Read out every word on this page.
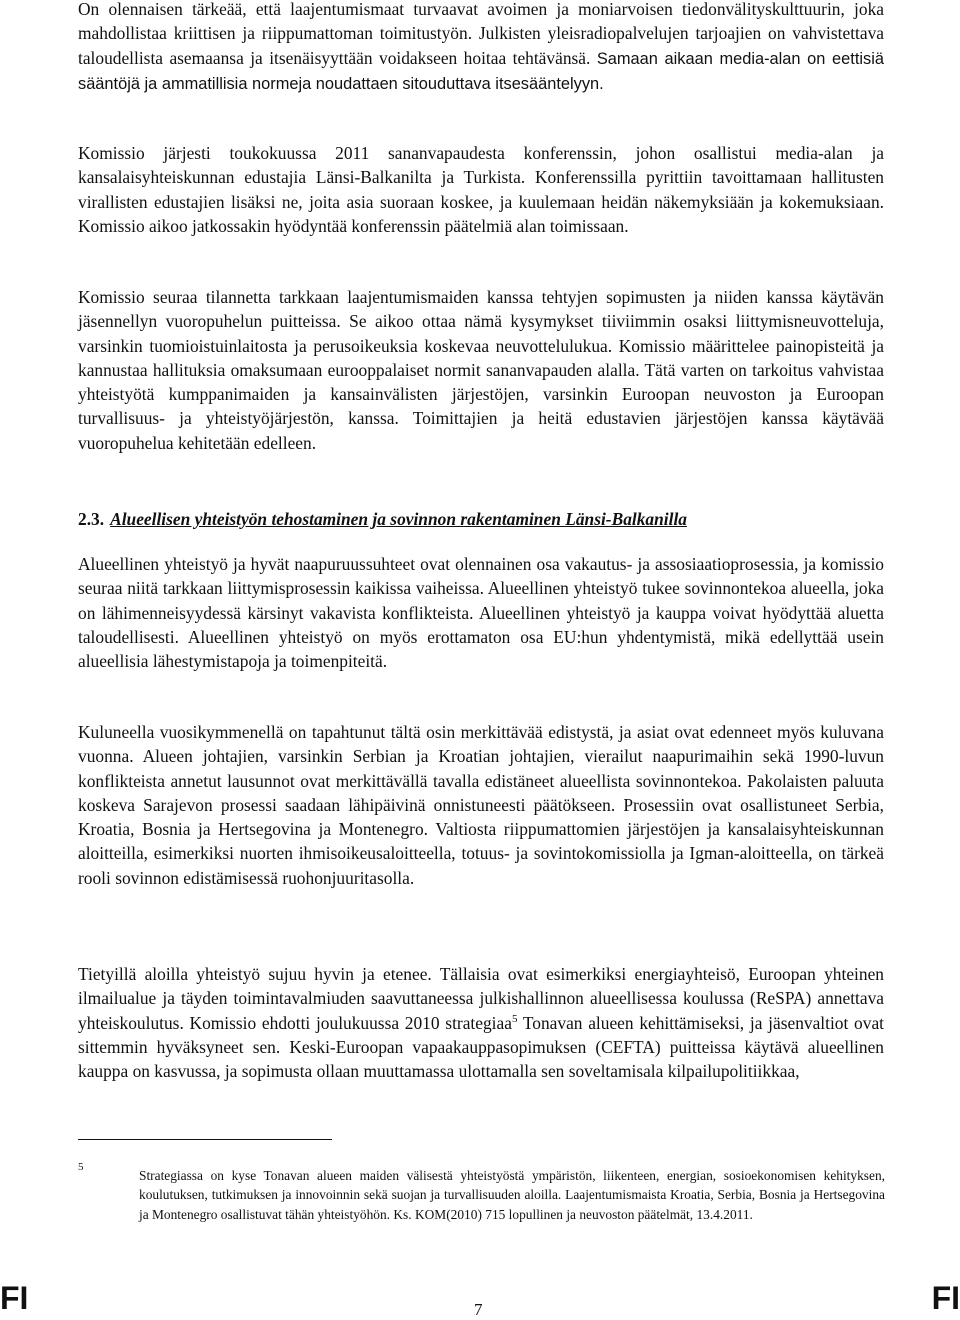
On olennaisen tärkeää, että laajentumismaat turvaavat avoimen ja moniarvoisen tiedonvälityskulttuurin, joka mahdollistaa kriittisen ja riippumattoman toimitustyön. Julkisten yleisradiopalvelujen tarjoajien on vahvistettava taloudellista asemaansa ja itsenäisyyttään voidakseen hoitaa tehtävänsä. Samaan aikaan media-alan on eettisiä sääntöjä ja ammatillisia normeja noudattaen sitouduttava itsesääntelyyn.

Komissio järjesti toukokuussa 2011 sananvapaudesta konferenssin, johon osallistui media-alan ja kansalaisyhteiskunnan edustajia Länsi-Balkanilta ja Turkista. Konferenssilla pyrittiin tavoittamaan hallitusten virallisten edustajien lisäksi ne, joita asia suoraan koskee, ja kuulemaan heidän näkemyksiään ja kokemuksiaan. Komissio aikoo jatkossakin hyödyntää konferenssin päätelmiä alan toimissaan.

Komissio seuraa tilannetta tarkkaan laajentumismaiden kanssa tehtyjen sopimusten ja niiden kanssa käytävän jäsennellyn vuoropuhelun puitteissa. Se aikoo ottaa nämä kysymykset tiiviimmin osaksi liittymisneuvotteluja, varsinkin tuomioistuinlaitosta ja perusoikeuksia koskevaa neuvottelulukua. Komissio määrittelee painopisteitä ja kannustaa hallituksia omaksumaan eurooppalaiset normit sananvapauden alalla. Tätä varten on tarkoitus vahvistaa yhteistyötä kumppanimaiden ja kansainvälisten järjestöjen, varsinkin Euroopan neuvoston ja Euroopan turvallisuus- ja yhteistyöjärjestön, kanssa. Toimittajien ja heitä edustavien järjestöjen kanssa käytävää vuoropuhelua kehitetään edelleen.

2.3. Alueellisen yhteistyön tehostaminen ja sovinnon rakentaminen Länsi-Balkanilla

Alueellinen yhteistyö ja hyvät naapuruussuhteet ovat olennainen osa vakautus- ja assosiaatioprosessia, ja komissio seuraa niitä tarkkaan liittymisprosessin kaikissa vaiheissa. Alueellinen yhteistyö tukee sovinnontekoa alueella, joka on lähimenneisyydessä kärsinyt vakavista konflikteista. Alueellinen yhteistyö ja kauppa voivat hyödyttää aluetta taloudellisesti. Alueellinen yhteistyö on myös erottamaton osa EU:hun yhdentymistä, mikä edellyttää usein alueellisia lähestymistapoja ja toimenpiteitä.

Kuluneella vuosikymmenellä on tapahtunut tältä osin merkittävää edistystä, ja asiat ovat edenneet myös kuluvana vuonna. Alueen johtajien, varsinkin Serbian ja Kroatian johtajien, vierailut naapurimaihin sekä 1990-luvun konflikteista annetut lausunnot ovat merkittävällä tavalla edistäneet alueellista sovinnontekoa. Pakolaisten paluuta koskeva Sarajevon prosessi saadaan lähipäivinä onnistuneesti päätökseen. Prosessiin ovat osallistuneet Serbia, Kroatia, Bosnia ja Hertsegovina ja Montenegro. Valtiosta riippumattomien järjestöjen ja kansalaisyhteiskunnan aloitteilla, esimerkiksi nuorten ihmisoikeusaloitteella, totuus- ja sovintokomissiolla ja Igman-aloitteella, on tärkeä rooli sovinnon edistämisessä ruohonjuuritasolla.

Tietyillä aloilla yhteistyö sujuu hyvin ja etenee. Tällaisia ovat esimerkiksi energiayhteisö, Euroopan yhteinen ilmailualue ja täyden toimintavalmiuden saavuttaneessa julkishallinnon alueellisessa koulussa (ReSPA) annettava yhteiskoulutus. Komissio ehdotti joulukuussa 2010 strategiaa$^5$ Tonavan alueen kehittämiseksi, ja jäsenvaltiot ovat sittemmin hyväksyneet sen. Keski-Euroopan vapaakauppasopimuksen (CEFTA) puitteissa käytävä alueellinen kauppa on kasvussa, ja sopimusta ollaan muuttamassa ulottamalla sen soveltamisala kilpailupolitiikkaa,

5

Strategiassa on kyse Tonavan alueen maiden välisestä yhteistyöstä ympäristön, liikenteen, energian, sosioekonomisen kehityksen, koulutuksen, tutkimuksen ja innovoinnin sekä suojan ja turvallisuuden aloilla. Laajentumismaista Kroatia, Serbia, Bosnia ja Hertsegovina ja Montenegro osallistuvat tähän yhteistyöhön. Ks. KOM(2010) 715 lopullinen ja neuvoston päätelmät, 13.4.2011.

FI	7	FI
